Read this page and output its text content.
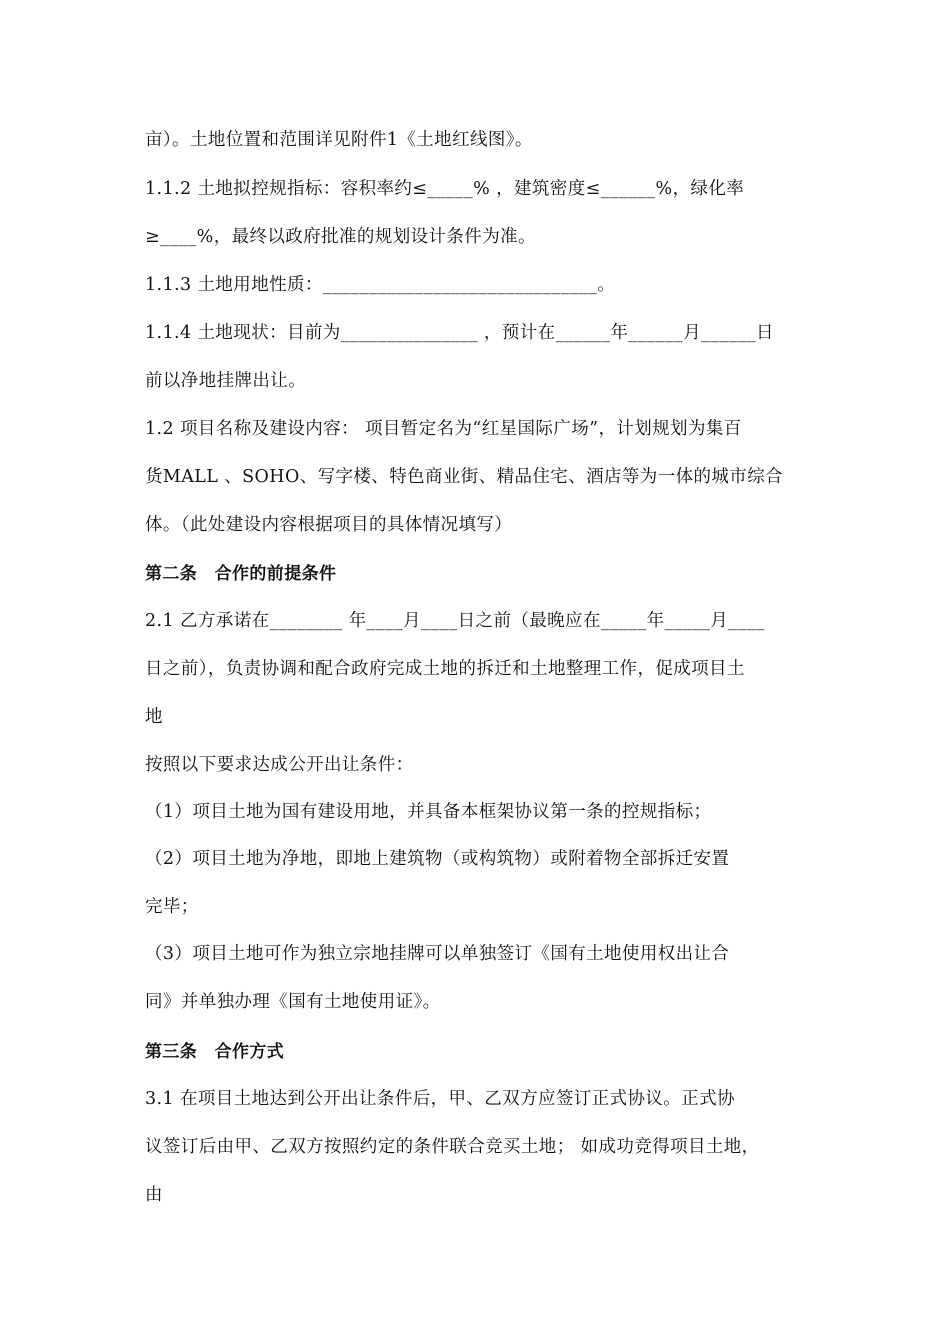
亩）。土地位置和范围详见附件1《土地红线图》。
1.1.2 土地拟控规指标：容积率约≤_____% ，建筑密度≤______%，绿化率
≥____%，最终以政府批准的规划设计条件为准。
1.1.3 土地用地性质：______________________________。
1.1.4 土地现状：目前为_______________ ，预计在______年______月______日
前以净地挂牌出让。
1.2 项目名称及建设内容： 项目暂定名为“红星国际广场”，计划规划为集百
货MALL 、SOHO、写字楼、特色商业街、精品住宅、酒店等为一体的城市综合
体。（此处建设内容根据项目的具体情况填写）
第二条　合作的前提条件
2.1 乙方承诺在________ 年____月____日之前（最晚应在_____年_____月____
日之前），负责协调和配合政府完成土地的拆迁和土地整理工作，促成项目土
地
按照以下要求达成公开出让条件：
（1）项目土地为国有建设用地，并具备本框架协议第一条的控规指标；
（2）项目土地为净地，即地上建筑物（或构筑物）或附着物全部拆迁安置
完毕；
（3）项目土地可作为独立宗地挂牌可以单独签订《国有土地使用权出让合
同》并单独办理《国有土地使用证》。
第三条　合作方式
3.1 在项目土地达到公开出让条件后，甲、乙双方应签订正式协议。正式协
议签订后由甲、乙双方按照约定的条件联合竞买土地； 如成功竞得项目土地，
由
